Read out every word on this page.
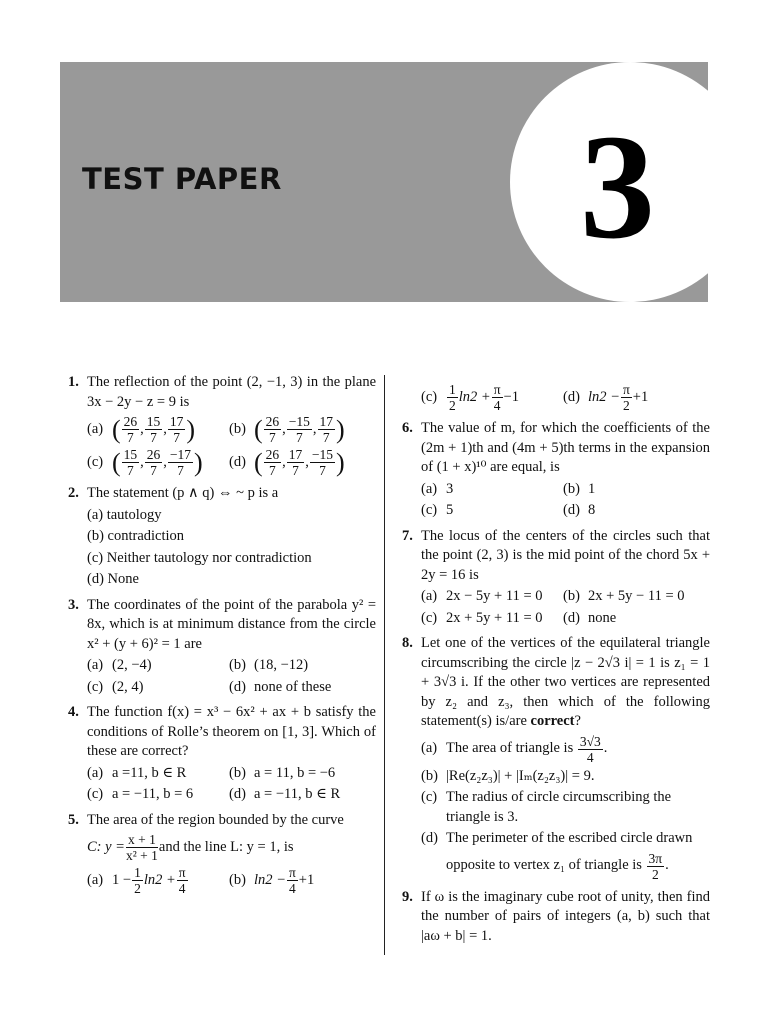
TEST PAPER 3
1. The reflection of the point (2, −1, 3) in the plane 3x − 2y − z = 9 is
(a) ( $\frac{26}{7}$ , $\frac{15}{7}$ , $\frac{17}{7}$ ) (b) ( $\frac{26}{7}$ , $\frac{-15}{7}$ , $\frac{17}{7}$ )
(c) ( $\frac{15}{7}$ , $\frac{26}{7}$ , $\frac{-17}{7}$ ) (d) ( $\frac{26}{7}$ , $\frac{17}{7}$ , $\frac{-15}{7}$ )
2. The statement (p ∧ q) ⇔ ~ p is a
(a) tautology
(b) contradiction
(c) Neither tautology nor contradiction
(d) None
3. The coordinates of the point of the parabola y² = 8x, which is at minimum distance from the circle x² + (y + 6)² = 1 are
(a) (2, −4)	(b) (18, −12)
(c) (2, 4)	(d) none of these
4. The function f(x) = x³ − 6x² + ax + b satisfy the conditions of Rolle’s theorem on [1, 3]. Which of these are correct?
(a) a =11, b ∈ R	(b) a = 11, b = −6
(c) a = −11, b = 6 (d) a = −11, b ∈ R
5. The area of the region bounded by the curve
C: $y = \frac{x + 1}{\text{x² + 1}}$ and the line L: y = 1, is
(a) $1 - \frac{1}{2} \ln 2 + \frac{\pi}{4}$	(b) $\ln 2 - \frac{\pi}{4} +1$
$(c) \frac{1}{2} \ln 2 + \frac{\pi}{4} -1$	(d) $\ln 2 - \frac{\pi}{2} +1$
6. The value of m, for which the coefficients of the (2m + 1)th and (4m + 5)th terms in the expansion of (1 + x)¹⁰ are equal, is
(a) 3	(b) 1
(c) 5	(d) 8
7. The locus of the centers of the circles such that the point (2, 3) is the mid point of the chord 5x + 2y = 16 is
(a) 2x − 5y + 11 = 0 (b) 2x + 5y − 11 = 0
(c) 2x + 5y + 11 = 0 (d) none
8. Let one of the vertices of the equilateral triangle circumscribing the circle |z − 2√3 i| = 1 is z₁ = 1 + 3√3 i. If the other two vertices are represented by z₂ and z₃, then which of the following statement(s) is/are correct?
(a) The area of triangle is
$\frac{3√3}{4}$ .
(b) |Re(z₂z₃)| + |Iₘ(z₂z₃)| = 9.
(c) The radius of circle circumscribing the triangle is 3.
(d) The perimeter of the escribed circle drawn
opposite to vertex z₁ of triangle is
$\frac{3\pi}{2}$ .
9. If ω is the imaginary cube root of unity, then find the number of pairs of integers (a, b) such that |aω + b| = 1.
